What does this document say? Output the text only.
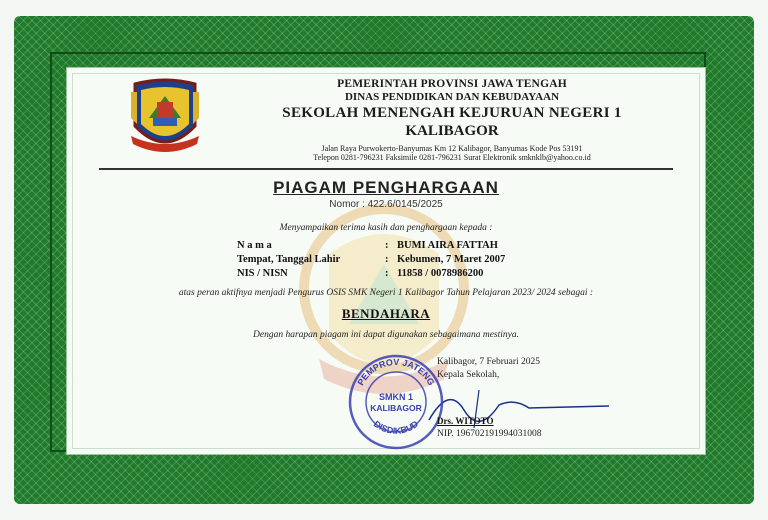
PEMERINTAH PROVINSI JAWA TENGAH
DINAS PENDIDIKAN DAN KEBUDAYAAN
SEKOLAH MENENGAH KEJURUAN NEGERI 1
KALIBAGOR
Jalan Raya Purwokerto-Banyumas Km 12 Kalibagor, Banyumas Kode Pos 53191
Telepon 0281-796231 Faksimile 0281-796231 Surat Elektronik smknklb@yahoo.co.id
PIAGAM PENGHARGAAN
Nomor : 422.6/0145/2025
Menyampaikan terima kasih dan penghargaan kepada :
N a m a	: BUMI AIRA FATTAH
Tempat, Tanggal Lahir	: Kebumen, 7 Maret 2007
NIS / NISN	: 11858 / 0078986200
atas peran aktifnya menjadi Pengurus OSIS SMK Negeri 1 Kalibagor Tahun Pelajaran 2023/ 2024 sebagai :
BENDAHARA
Dengan harapan piagam ini dapat digunakan sebagaimana mestinya.
Kalibagor, 7 Februari 2025
Kepala Sekolah,
PEMPROV JATENG
DISDIKBUD
SMKN 1
KALIBAGOR
Drs. WITOTO
NIP. 196702191994031008
